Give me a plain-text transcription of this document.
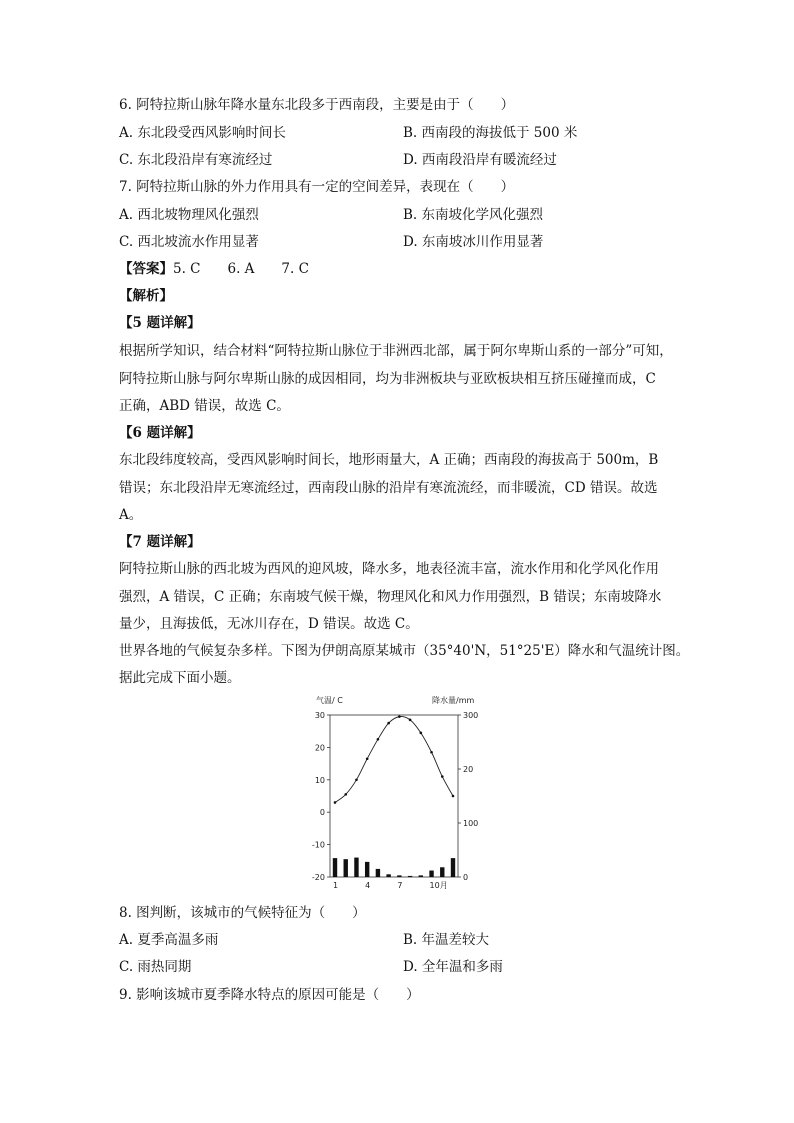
6. 阿特拉斯山脉年降水量东北段多于西南段，主要是由于（　　）
A. 东北段受西风影响时间长	B. 西南段的海拔低于 500 米
C. 东北段沿岸有寒流经过	D. 西南段沿岸有暖流经过
7. 阿特拉斯山脉的外力作用具有一定的空间差异，表现在（　　）
A. 西北坡物理风化强烈	B. 东南坡化学风化强烈
C. 西北坡流水作用显著	D. 东南坡冰川作用显著
【答案】5. C　　6. A　　7. C
【解析】
【5 题详解】
根据所学知识，结合材料“阿特拉斯山脉位于非洲西北部，属于阿尔卑斯山系的一部分”可知，
阿特拉斯山脉与阿尔卑斯山脉的成因相同，均为非洲板块与亚欧板块相互挤压碰撞而成，C
正确，ABD 错误，故选 C。
【6 题详解】
东北段纬度较高，受西风影响时间长，地形雨量大，A 正确；西南段的海拔高于 500m，B
错误；东北段沿岸无寒流经过，西南段山脉的沿岸有寒流流经，而非暖流，CD 错误。故选
A。
【7 题详解】
阿特拉斯山脉的西北坡为西风的迎风坡，降水多，地表径流丰富，流水作用和化学风化作用
强烈，A 错误，C 正确；东南坡气候干燥，物理风化和风力作用强烈，B 错误；东南坡降水
量少，且海拔低，无冰川存在，D 错误。故选 C。
世界各地的气候复杂多样。下图为伊朗高原某城市（35°40'N，51°25'E）降水和气温统计图。
据此完成下面小题。
气温/ C	降水量/mm
30
20
10
0
-10
-20
300
20
100
0
1	4	7	10月
8. 图判断，该城市的气候特征为（　　）
A. 夏季高温多雨	B. 年温差较大
C. 雨热同期	D. 全年温和多雨
9. 影响该城市夏季降水特点的原因可能是（　　）
